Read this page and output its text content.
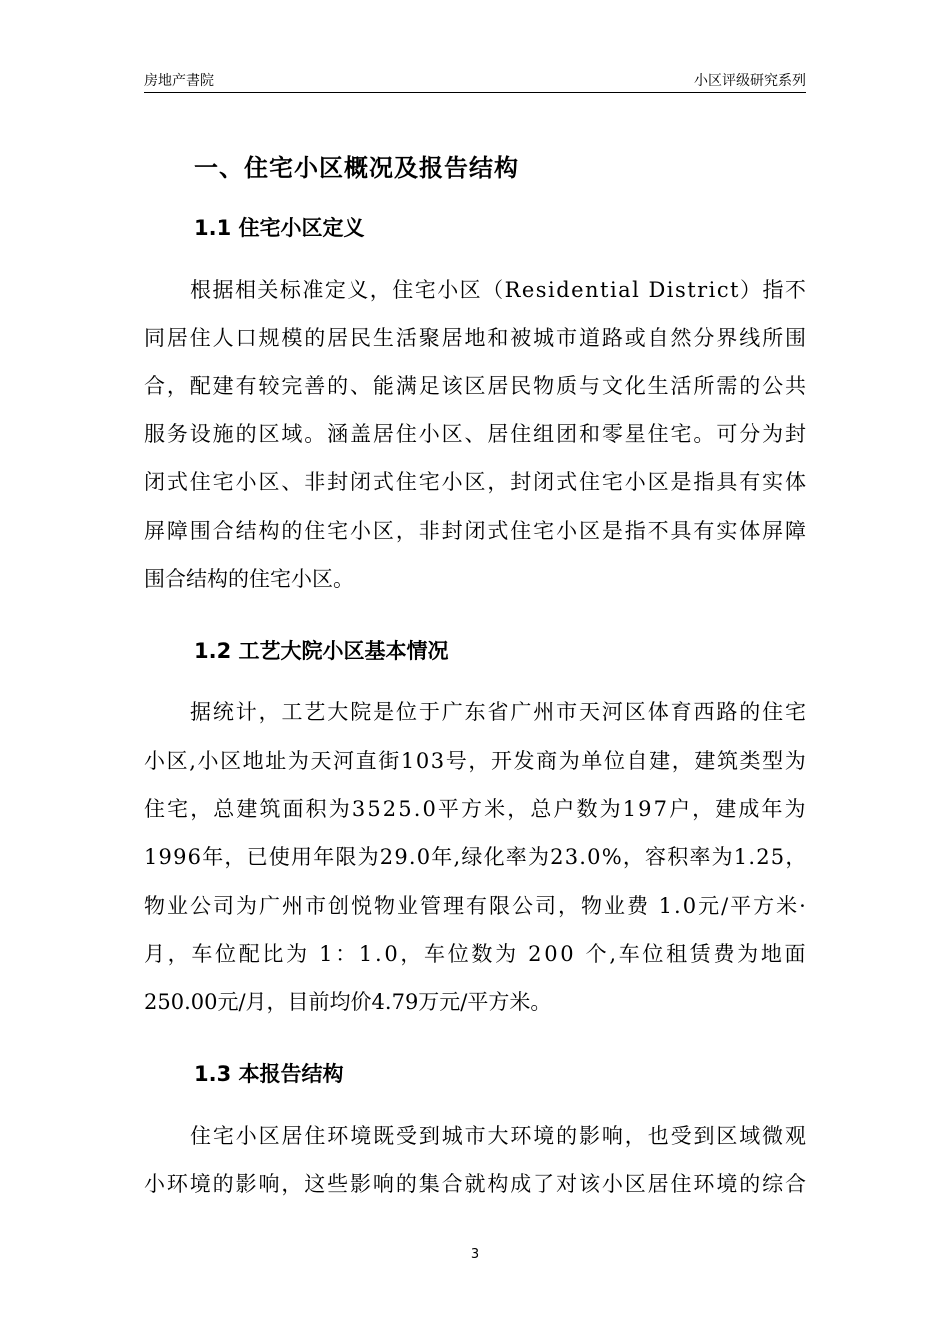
房地产書院	小区评级研究系列
一、住宅小区概况及报告结构
1.1 住宅小区定义
根据相关标准定义，住宅小区（Residential District）指不
同居住人口规模的居民生活聚居地和被城市道路或自然分界线所围
合，配建有较完善的、能满足该区居民物质与文化生活所需的公共
服务设施的区域。涵盖居住小区、居住组团和零星住宅。可分为封
闭式住宅小区、非封闭式住宅小区，封闭式住宅小区是指具有实体
屏障围合结构的住宅小区，非封闭式住宅小区是指不具有实体屏障
围合结构的住宅小区。
1.2 工艺大院小区基本情况
据统计，工艺大院是位于广东省广州市天河区体育西路的住宅
小区,小区地址为天河直街103号，开发商为单位自建，建筑类型为
住宅，总建筑面积为3525.0平方米，总户数为197户，建成年为
1996年，已使用年限为29.0年,绿化率为23.0%，容积率为1.25，
物业公司为广州市创悦物业管理有限公司，物业费 1.0元/平方米·
月，车位配比为 1：1.0，车位数为 200 个,车位租赁费为地面
250.00元/月，目前均价4.79万元/平方米。
1.3 本报告结构
住宅小区居住环境既受到城市大环境的影响，也受到区域微观
小环境的影响，这些影响的集合就构成了对该小区居住环境的综合
3
